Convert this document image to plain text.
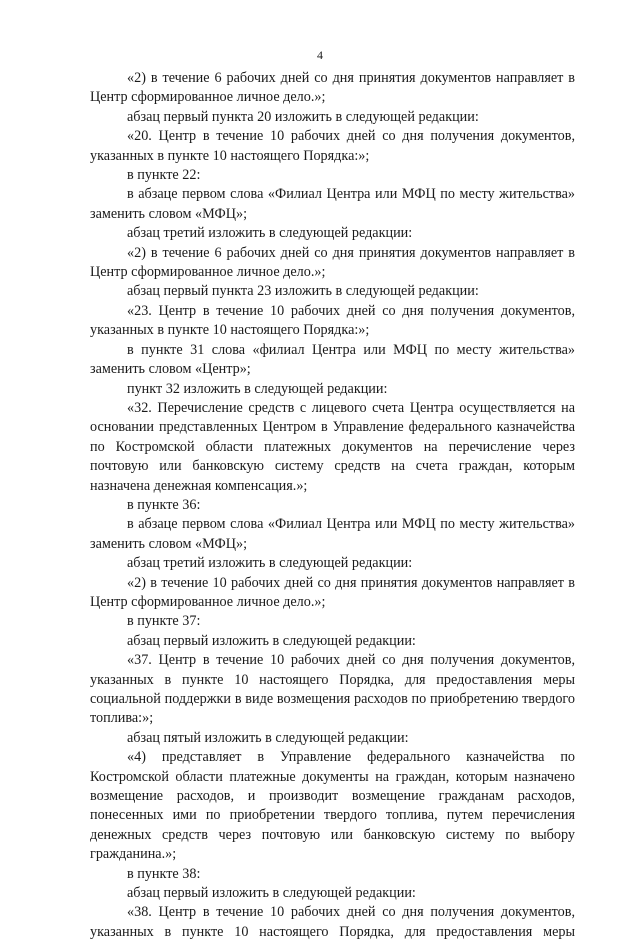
4

«2) в течение 6 рабочих дней со дня принятия документов направляет в Центр сформированное личное дело.»;

абзац первый пункта 20 изложить в следующей редакции:

«20. Центр в течение 10 рабочих дней со дня получения документов, указанных в пункте 10 настоящего Порядка:»;

в пункте 22:

в абзаце первом слова «Филиал Центра или МФЦ по месту жительства» заменить словом «МФЦ»;

абзац третий изложить в следующей редакции:

«2) в течение 6 рабочих дней со дня принятия документов направляет в Центр сформированное личное дело.»;

абзац первый пункта 23 изложить в следующей редакции:

«23. Центр в течение 10 рабочих дней со дня получения документов, указанных в пункте 10 настоящего Порядка:»;

в пункте 31 слова «филиал Центра или МФЦ по месту жительства» заменить словом «Центр»;

пункт 32 изложить в следующей редакции:

«32. Перечисление средств с лицевого счета Центра осуществляется на основании представленных Центром в Управление федерального казначейства по Костромской области платежных документов на перечисление через почтовую или банковскую систему средств на счета граждан, которым назначена денежная компенсация.»;

в пункте 36:

в абзаце первом слова «Филиал Центра или МФЦ по месту жительства» заменить словом «МФЦ»;

абзац третий изложить в следующей редакции:

«2) в течение 10 рабочих дней со дня принятия документов направляет в Центр сформированное личное дело.»;

в пункте 37:

абзац первый изложить в следующей редакции:

«37. Центр в течение 10 рабочих дней со дня получения документов, указанных в пункте 10 настоящего Порядка, для предоставления меры социальной поддержки в виде возмещения расходов по приобретению твердого топлива:»;

абзац пятый изложить в следующей редакции:

«4) представляет в Управление федерального казначейства по Костромской области платежные документы на граждан, которым назначено возмещение расходов, и производит возмещение гражданам расходов, понесенных ими по приобретении твердого топлива, путем перечисления денежных средств через почтовую или банковскую систему по выбору гражданина.»;

в пункте 38:

абзац первый изложить в следующей редакции:

«38. Центр в течение 10 рабочих дней со дня получения документов, указанных в пункте 10 настоящего Порядка, для предоставления меры
